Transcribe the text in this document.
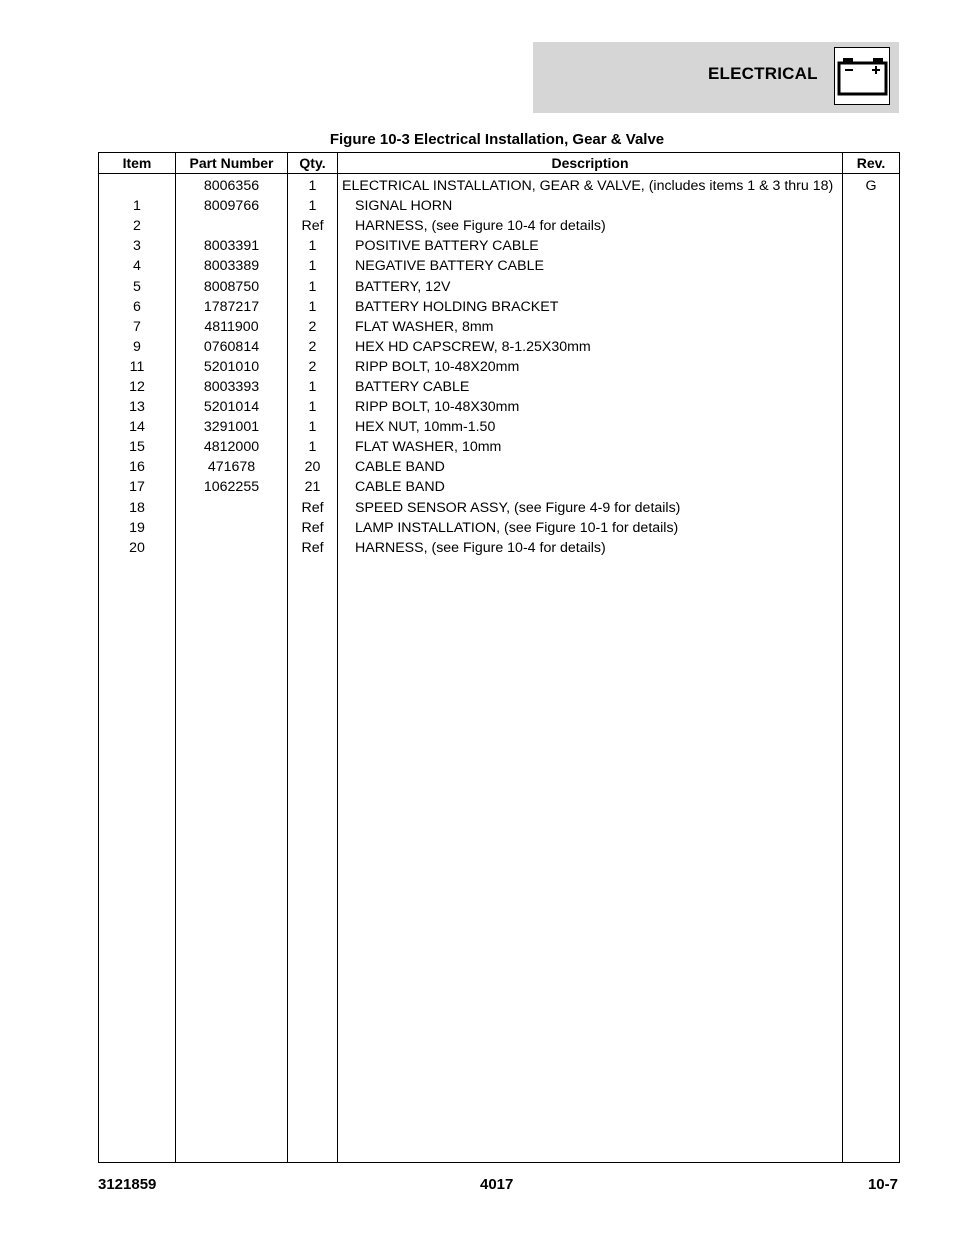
ELECTRICAL
Figure 10-3 Electrical Installation, Gear & Valve
Item	Part Number	Qty.	Description	Rev.
	8006356	1	ELECTRICAL INSTALLATION, GEAR & VALVE, (includes items 1 & 3 thru 18)	G
1	8009766	1	SIGNAL HORN	
2		Ref	HARNESS, (see Figure 10-4 for details)	
3	8003391	1	POSITIVE BATTERY CABLE	
4	8003389	1	NEGATIVE BATTERY CABLE	
5	8008750	1	BATTERY, 12V	
6	1787217	1	BATTERY HOLDING BRACKET	
7	4811900	2	FLAT WASHER, 8mm	
9	0760814	2	HEX HD CAPSCREW, 8-1.25X30mm	
11	5201010	2	RIPP BOLT, 10-48X20mm	
12	8003393	1	BATTERY CABLE	
13	5201014	1	RIPP BOLT, 10-48X30mm	
14	3291001	1	HEX NUT, 10mm-1.50	
15	4812000	1	FLAT WASHER, 10mm	
16	471678	20	CABLE BAND	
17	1062255	21	CABLE BAND	
18		Ref	SPEED SENSOR ASSY, (see Figure 4-9 for details)	
19		Ref	LAMP INSTALLATION, (see Figure 10-1 for details)	
20		Ref	HARNESS, (see Figure 10-4 for details)	

3121859	4017	10-7
